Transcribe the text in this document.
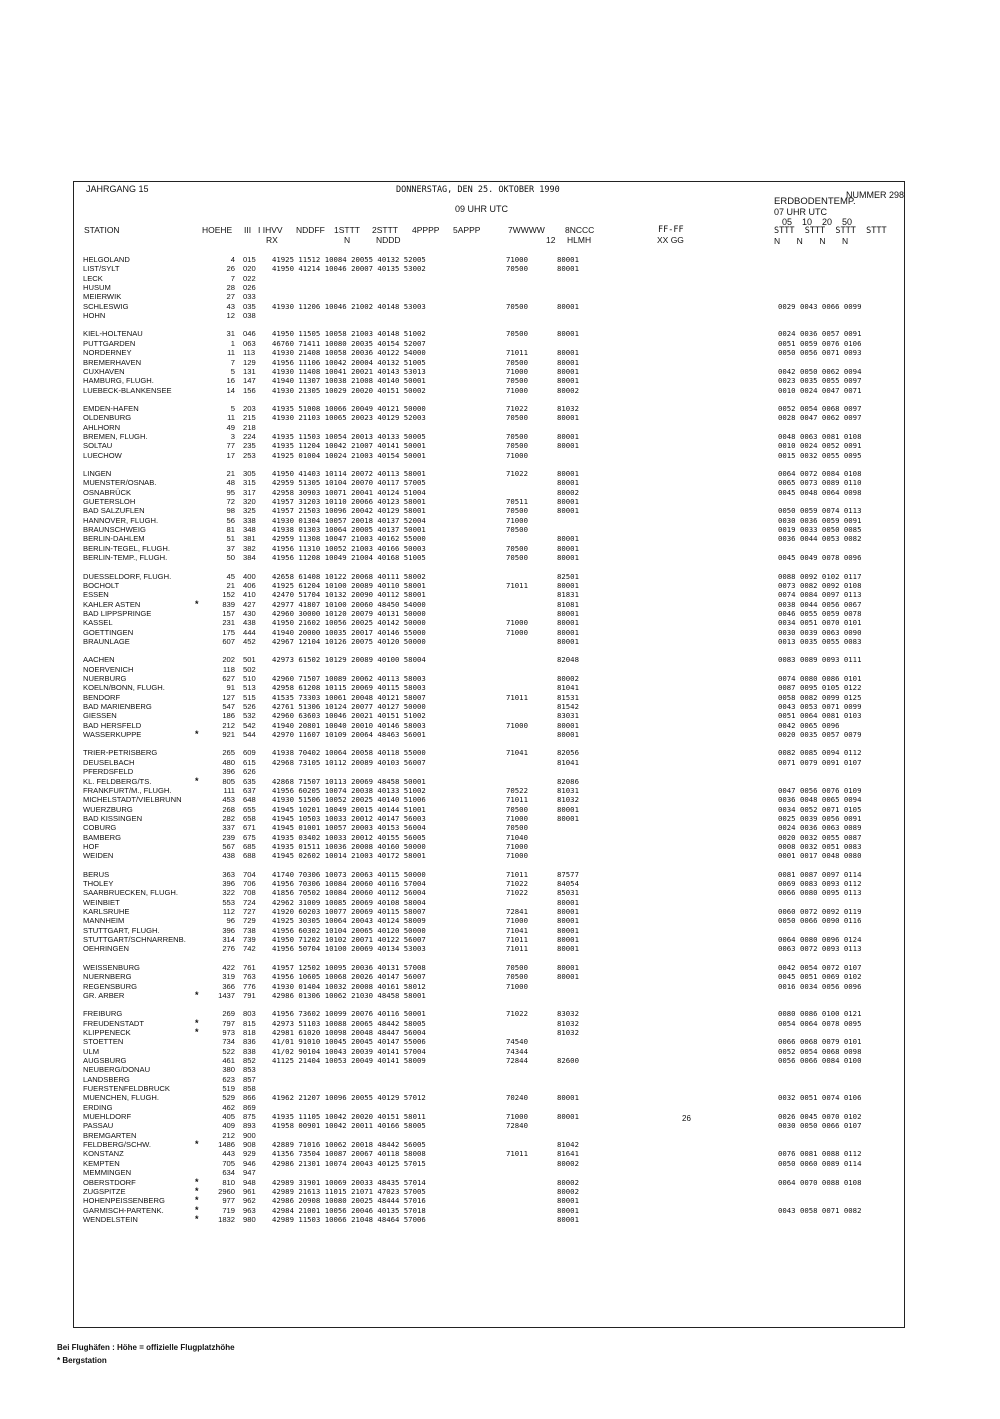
JAHRGANG 15	DONNERSTAG, DEN 25. OKTOBER 1990	NUMMER 298
09 UHR UTC
ERDBODENTEMP.
07 UHR UTC
05    10    20    50
STATION	HOEHE III I IHVV
RX
NDDFF 1STTT 2STTT
N
4PPPP
NDDD
5APPP	7WWWW
12
8NCCC
HLMH
FF-FF
XX GG
STTT  STTT  STTT  STTT
N       N       N       N
HELGOLAND	4 015 41925 11512 10084 20055 40132 52005	71000	80001
LIST/SYLT	26 020 41950 41214 10046 20007 40135 53002	70500	80001
LECK	7 022
HUSUM	28 026
MEIERWIK	27 033
SCHLESWIG	43 035 41930 11206 10046 21002 40148 53003	70500	80001	0029 0043 0066 0099
HOHN	12 038
KIEL-HOLTENAU	31 046 41950 11505 10058 21003 40148 51002	70500	80001	0024 0036 0057 0091
PUTTGARDEN	1 063 46760 71411 10080 20035 40154 52007	0051 0059 0076 0106
NORDERNEY	11 113 41930 21408 10058 20036 40122 54000	71011	80001	0050 0056 0071 0093
BREMERHAVEN	7 129 41956 11106 10042 20004 40132 51005	70500	80001
CUXHAVEN	5 131 41930 11408 10041 20021 40143 53013	71000	80001	0042 0050 0062 0094
HAMBURG, FLUGH.	16 147 41940 11307 10038 21008 40140 50001	70500	80001	0023 0035 0055 0097
LUEBECK-BLANKENSEE	14 156 41930 21305 10029 20020 40151 50002	71000	80002	0010 0024 0047 0071
EMDEN-HAFEN	5 203 41935 51008 10066 20049 40121 50000	71022	81032	0052 0054 0068 0097
OLDENBURG	11 215 41930 21103 10065 20023 40129 52003	70500	80001	0028 0047 0062 0097
AHLHORN	49 218
BREMEN, FLUGH.	3 224 41935 11503 10054 20013 40133 50005	70500	80001	0048 0063 0081 0108
SOLTAU	77 235 41935 11204 10042 21007 40141 50001	70500	80001	0010 0024 0052 0091
LUECHOW	17 253 41925 01004 10024 21003 40154 50001	71000	0015 0032 0055 0095
LINGEN	21 305 41950 41403 10114 20072 40113 58001	71022	80001	0064 0072 0084 0108
MUENSTER/OSNAB.	48 315 42959 51305 10104 20070 40117 57005	80001	0065 0073 0089 0110
OSNABRÜCK	95 317 42958 30903 10071 20041 40124 51004	80002	0045 0048 0064 0098
GUETERSLOH	72 320 41957 31203 10110 20066 40123 58001	70511	80001
BAD SALZUFLEN	98 325 41957 21503 10096 20042 40129 58001	70500	80001	0050 0059 0074 0113
HANNOVER, FLUGH.	56 338 41930 01304 10057 20018 40137 52004	71000	0030 0036 0059 0091
BRAUNSCHWEIG	81 348 41938 01303 10064 20005 40137 50001	70500	0019 0033 0050 0085
BERLIN-DAHLEM	51 381 42959 11308 10047 21003 40162 55000	80001	0036 0044 0053 0082
BERLIN-TEGEL, FLUGH.	37 382 41956 11310 10052 21003 40166 50003	70500	80001
BERLIN-TEMP., FLUGH.	50 384 41956 11208 10049 21004 40168 51005	70500	80001	0045 0049 0078 0096
DUESSELDORF, FLUGH.	45 400 42658 61408 10122 20068 40111 58002	82501	0088 0092 0102 0117
BOCHOLT	21 406 41925 61204 10100 20089 40110 58001	71011	80001	0073 0082 0092 0108
ESSEN	152 410 42470 51704 10132 20090 40112 58001	81831	0074 0084 0097 0113
KAHLER ASTEN	839 427 42977 41807 10100 20060 48450 54000	81081	0038 0044 0056 0067
*
BAD LIPPSPRINGE	157 430 42960 30000 10120 20079 40131 50000	80001	0046 0055 0059 0078
KASSEL	231 438 41950 21602 10056 20025 40142 50000	71000	80001	0034 0051 0070 0101
GOETTINGEN	175 444 41940 20000 10035 20017 40146 55000	71000	80001	0030 0039 0063 0090
BRAUNLAGE	607 452 42967 12104 10126 20075 40120 50000	80001	0013 0035 0055 0083
AACHEN	202 501 42973 61502 10129 20089 40100 58004	82048	0083 0089 0093 0111
NOERVENICH	118 502
NUERBURG	627 510 42960 71507 10089 20062 40113 58003	80002	0074 0080 0086 0101
KOELN/BONN, FLUGH.	91 513 42958 61208 10115 20069 40115 58003	81041	0087 0095 0105 0122
BENDORF	127 515 41535 73303 10061 20048 40121 58007	71011	81531	0058 0082 0099 0125
BAD MARIENBERG	547 526 42761 51306 10124 20077 40127 50000	81542	0043 0053 0071 0099
GIESSEN	186 532 42960 63603 10046 20021 40151 51002	83031	0051 0064 0081 0103
BAD HERSFELD	212 542 41940 20801 10040 20010 40146 58003	71000	80001	0042 0065 0096
WASSERKUPPE	921 544 42970 11607 10109 20064 48463 56001	80001	0020 0035 0057 0079
*
TRIER-PETRISBERG	265 609 41938 70402 10064 20058 40118 55000	71041	82056	0082 0085 0094 0112
DEUSELBACH	480 615 42968 73105 10112 20089 40103 56007	81041	0071 0079 0091 0107
PFERDSFELD	396 626
KL. FELDBERG/TS.	805 635 42868 71507 10113 20069 48458 50001	82086
*
FRANKFURT/M., FLUGH.	111 637 41956 60205 10074 20038 40133 51002	70522	81031	0047 0056 0076 0109
MICHELSTADT/VIELBRUNN	453 648 41930 51506 10052 20025 40140 51006	71011	81032	0036 0048 0065 0094
WUERZBURG	268 655 41945 10201 10049 20015 40144 51001	70500	80001	0034 0052 0071 0105
BAD KISSINGEN	282 658 41945 10503 10033 20012 40147 56003	71000	80001	0025 0039 0056 0091
COBURG	337 671 41945 01001 10057 20003 40153 56004	70500	0024 0036 0063 0089
BAMBERG	239 675 41935 03402 10033 20012 40155 56005	71040	0020 0032 0055 0087
HOF	567 685 41935 01511 10036 20008 40160 50000	71000	0008 0032 0051 0083
WEIDEN	438 688 41945 02602 10014 21003 40172 58001	71000	0001 0017 0048 0080
BERUS	363 704 41740 70306 10073 20063 40115 50000	71011	87577	0081 0087 0097 0114
THOLEY	396 706 41956 70306 10084 20060 40116 57004	71022	84054	0069 0083 0093 0112
SAARBRUECKEN, FLUGH.	322 708 41856 70502 10084 20060 40112 56004	71022	85031	0066 0080 0095 0113
WEINBIET	553 724 42962 31009 10085 20069 40108 58004	80001
KARLSRUHE	112 727 41920 60203 10077 20069 40115 58007	72841	80001	0060 0072 0092 0119
MANNHEIM	96 729 41925 30305 10064 20043 40124 58009	71000	80001	0050 0066 0090 0116
STUTTGART, FLUGH.	396 738 41956 60302 10104 20065 40120 50000	71041	80001
STUTTGART/SCHNARRENB.	314 739 41950 71202 10102 20071 40122 56007	71011	80001	0064 0080 0096 0124
OEHRINGEN	276 742 41956 50704 10100 20069 40134 53003	71011	80001	0063 0072 0093 0113
WEISSENBURG	422 761 41957 12502 10095 20036 40131 57008	70500	80001	0042 0054 0072 0107
NUERNBERG	319 763 41956 10605 10068 20026 40147 56007	70500	80001	0045 0051 0069 0102
REGENSBURG	366 776 41930 01404 10032 20008 40161 58012	71000	0016 0034 0056 0096
GR. ARBER	1437 791 42986 01306 10062 21030 48458 58001
*
FREIBURG	269 803 41956 73602 10099 20076 40116 50001	71022	83032	0080 0086 0100 0121
FREUDENSTADT	797 815 42973 51103 10088 20065 48442 58005	81032	0054 0064 0078 0095
*
KLIPPENECK	973 818 42981 61020 10098 20048 48447 56004	81032
*
STOETTEN	734 836 41/01 91010 10045 20045 40147 55006	74540	0066 0068 0079 0101
ULM	522 838 41/02 90104 10043 20039 40141 57004	74344	0052 0054 0068 0098
AUGSBURG	461 852 41125 21404 10053 20049 40141 58009	72844	82600	0056 0066 0084 0100
NEUBERG/DONAU	380 853
LANDSBERG	623 857
FUERSTENFELDBRUCK	519 858
MUENCHEN, FLUGH.	529 866 41962 21207 10096 20055 40129 57012	70240	80001	0032 0051 0074 0106
ERDING	462 869
MUEHLDORF	405 875 41935 11105 10042 20020 40151 58011	71000	80001	0026 0045 0070 0102
PASSAU	409 893 41958 00901 10042 20011 40166 58005	72840	0030 0050 0066 0107
BREMGARTEN	212 900
FELDBERG/SCHW.	1486 908 42889 71016 10062 20018 48442 56005	81042
*
KONSTANZ	443 929 41356 73504 10087 20067 40118 58008	71011	81641	0076 0081 0088 0112
KEMPTEN	705 946 42986 21301 10074 20043 40125 57015	80002	0050 0060 0089 0114
MEMMINGEN	634 947
OBERSTDORF	810 948 42989 31901 10069 20033 48435 57014	80002	0064 0070 0088 0108
*
ZUGSPITZE	2960 961 42989 21613 11015 21071 47023 57005	80002
*
HOHENPEISSENBERG	977 962 42986 20908 10080 20025 48444 57016	80001
*
GARMISCH-PARTENK.	719 963 42984 21001 10056 20046 40135 57018	80001	0043 0058 0071 0082
*
WENDELSTEIN	1832 980 42989 11503 10066 21048 48464 57006	80001
*
26
Bei Flughäfen : Höhe = offizielle Flugplatzhöhe
* Bergstation
